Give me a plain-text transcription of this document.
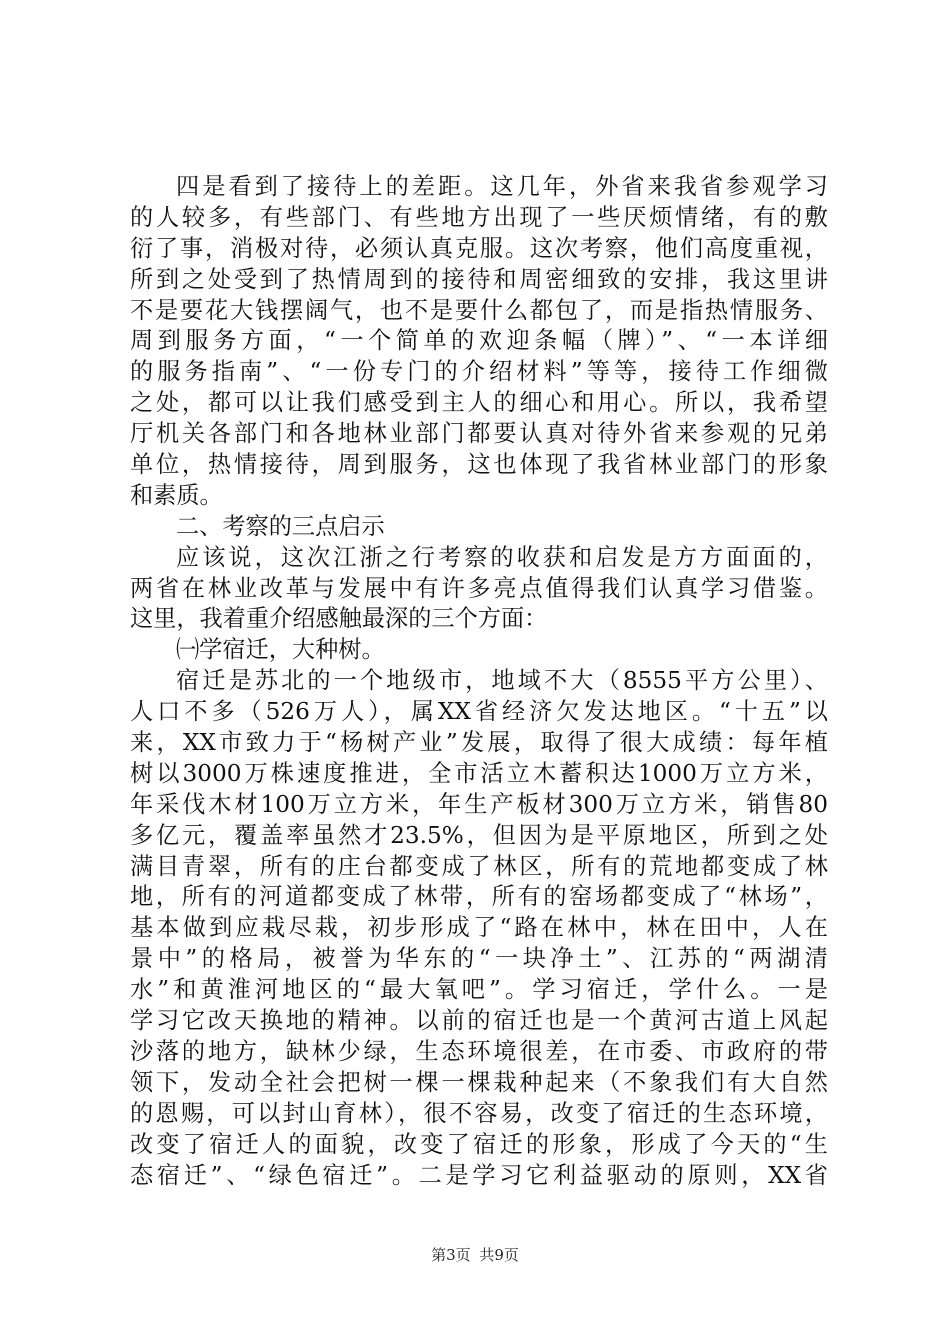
四是看到了接待上的差距。这几年，外省来我省参观学习
的人较多，有些部门、有些地方出现了一些厌烦情绪，有的敷
衍了事，消极对待，必须认真克服。这次考察，他们高度重视，
所到之处受到了热情周到的接待和周密细致的安排，我这里讲
不是要花大钱摆阔气，也不是要什么都包了，而是指热情服务、
周到服务方面，“一个简单的欢迎条幅（牌）”、“一本详细
的服务指南”、“一份专门的介绍材料”等等，接待工作细微
之处，都可以让我们感受到主人的细心和用心。所以，我希望
厅机关各部门和各地林业部门都要认真对待外省来参观的兄弟
单位，热情接待，周到服务，这也体现了我省林业部门的形象
和素质。
二、考察的三点启示
应该说，这次江浙之行考察的收获和启发是方方面面的，
两省在林业改革与发展中有许多亮点值得我们认真学习借鉴。
这里，我着重介绍感触最深的三个方面：
㈠学宿迁，大种树。
宿迁是苏北的一个地级市，地域不大（8555平方公里）、
人口不多（526万人），属XX省经济欠发达地区。“十五”以
来，XX市致力于“杨树产业”发展，取得了很大成绩：每年植
树以3000万株速度推进，全市活立木蓄积达1000万立方米，
年采伐木材100万立方米，年生产板材300万立方米，销售80
多亿元，覆盖率虽然才23.5%，但因为是平原地区，所到之处
满目青翠，所有的庄台都变成了林区，所有的荒地都变成了林
地，所有的河道都变成了林带，所有的窑场都变成了“林场”，
基本做到应栽尽栽，初步形成了“路在林中，林在田中，人在
景中”的格局，被誉为华东的“一块净土”、江苏的“两湖清
水”和黄淮河地区的“最大氧吧”。学习宿迁，学什么。一是
学习它改天换地的精神。以前的宿迁也是一个黄河古道上风起
沙落的地方，缺林少绿，生态环境很差，在市委、市政府的带
领下，发动全社会把树一棵一棵栽种起来（不象我们有大自然
的恩赐，可以封山育林），很不容易，改变了宿迁的生态环境，
改变了宿迁人的面貌，改变了宿迁的形象，形成了今天的“生
态宿迁”、“绿色宿迁”。二是学习它利益驱动的原则，XX省
第3页 共9页
